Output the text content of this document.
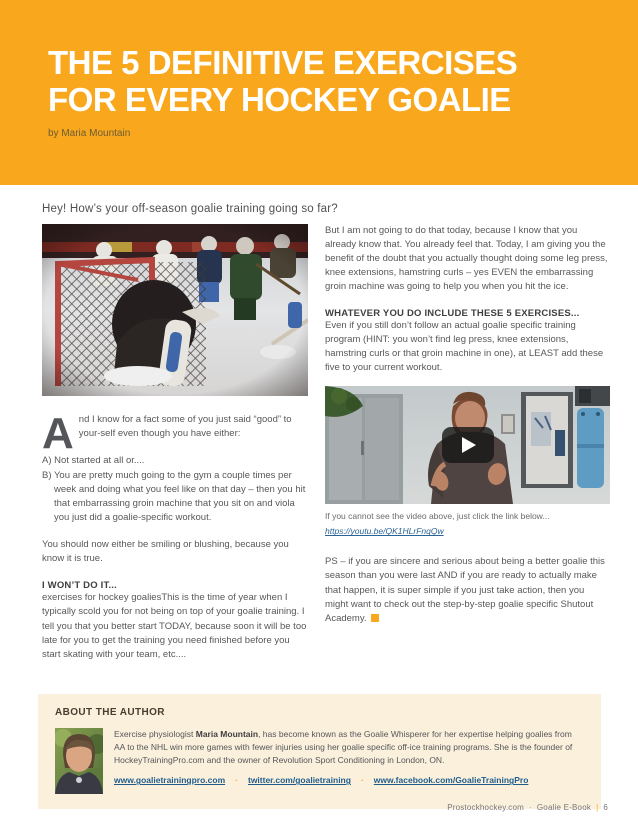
THE 5 DEFINITIVE EXERCISES
FOR EVERY HOCKEY GOALIE
by Maria Mountain
Hey! How’s your off-season goalie training going so far?

A nd I know for a fact some of you just said “good” to your-self even though you have either:

A) Not started at all or....

B) You are pretty much going to the gym a couple times per week and doing what you feel like on that day – then you hit that embarrassing groin machine that you sit on and viola you just did a goalie-specific workout.

You should now either be smiling or blushing, because you know it is true.

I WON’T DO IT...

exercises for hockey goaliesThis is the time of year when I typically scold you for not being on top of your goalie training. I tell you that you better start TODAY, because soon it will be too late for you to get the training you need finished before you start skating with your team, etc....

But I am not going to do that today, because I know that you already know that. You already feel that. Today, I am giving you the benefit of the doubt that you actually thought doing some leg press, knee extensions, hamstring curls – yes EVEN the embarrassing groin machine was going to help you when you hit the ice.

WHATEVER YOU DO INCLUDE THESE 5 EXERCISES...

Even if you still don’t follow an actual goalie specific training program (HINT: you won’t find leg press, knee extensions, hamstring curls or that groin machine in one), at LEAST add these five to your current workout.

If you cannot see the video above, just click the link below...
https://youtu.be/QK1HLrFnqQw

PS – if you are sincere and serious about being a better goalie this season than you were last AND if you are ready to actually make that happen, it is super simple if you just take action, then you might want to check out the step-by-step goalie specific Shutout Academy.

ABOUT THE AUTHOR
Exercise physiologist Maria Mountain, has become known as the Goalie Whisperer for her expertise helping goalies from AA to the NHL win more games with fewer injuries using her goalie specific off-ice training programs. She is the founder of HockeyTrainingPro.com and the owner of Revolution Sport Conditioning in London, ON.
www.goalietrainingpro.com · twitter.com/goalietraining · www.facebook.com/GoalieTrainingPro
Prostockhockey.com · Goalie E-Book | 6
